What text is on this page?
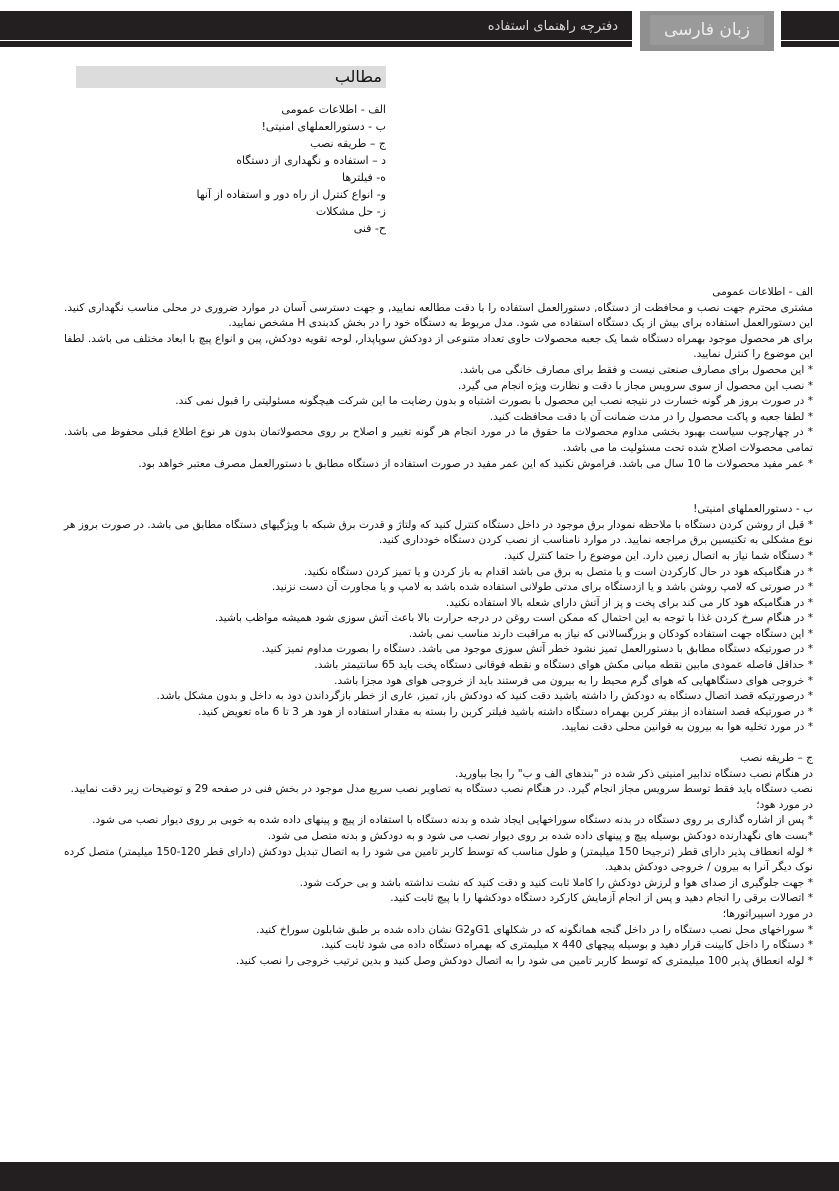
دفترچه راهنمای استفاده	زبان فارسی
مطالب
الف - اطلاعات عمومی
ب - دستورالعملهای امنیتی!
ج – طریقه نصب
د – استفاده و نگهداری از دستگاه
ه- فیلترها
و- انواع کنترل از راه دور و استفاده از آنها
ز- حل مشکلات
ح- فنی

الف - اطلاعات عمومی

مشتری محترم جهت نصب و محافظت از دستگاه, دستورالعمل استفاده را با دقت مطالعه نمایید, و جهت دسترسی آسان در موارد ضروری در محلی مناسب نگهداری کنید. این دستورالعمل استفاده برای بیش از یک دستگاه استفاده می شود. مدل مربوط به دستگاه خود را در بخش کدبندی H مشخص نمایید.

برای هر محصول موجود بهمراه دستگاه شما یک جعبه محصولات حاوی تعداد متنوعی از دودکش سوپاپدار, لوحه تقویه دودکش, پین و انواع پیچ با ابعاد مختلف می باشد. لطفا این موضوع را کنترل نمایید.

* این محصول برای مصارف صنعتی نیست و فقط برای مصارف خانگی می باشد.

* نصب این محصول از سوی سرویس مجاز با دقت و نظارت ویژه انجام می گیرد.

* در صورت بروز هر گونه خسارت در نتیجه نصب این محصول با بصورت اشتباه و بدون رضایت ما این شرکت هیچگونه مسئولیتی را قبول نمی کند.

* لطفا جعبه و پاکت محصول را در مدت ضمانت آن با دقت محافظت کنید.

* در چهارچوب سیاست بهبود بخشی مداوم محصولات ما حقوق ما در مورد انجام هر گونه تغییر و اصلاح بر روی محصولاتمان بدون هر نوع اطلاع قبلی محفوظ می باشد. تمامی محصولات اصلاح شده تحت مسئولیت ما می باشد.

* عمر مفید محصولات ما 10 سال می باشد. فراموش نکنید که این عمر مفید در صورت استفاده از دستگاه مطابق با دستورالعمل مصرف معتبر خواهد بود.

ب - دستورالعملهای امنیتی!

* قبل از روشن کردن دستگاه با ملاحظه نمودار برق موجود در داخل دستگاه کنترل کنید که ولتاژ و قدرت برق شبکه با ویژگیهای دستگاه مطابق می باشد. در صورت بروز هر نوع مشکلی به تکنیسین برق مراجعه نمایید. در موارد نامناسب از نصب کردن دستگاه خودداری کنید.

* دستگاه شما نیاز به اتصال زمین دارد. این موضوع را حتما کنترل کنید.

* در هنگامیکه هود در حال کارکردن است و یا متصل به برق می باشد اقدام به باز کردن و یا تمیز کردن دستگاه نکنید.

* در صورتی که لامپ روشن باشد و یا ازدستگاه برای مدتی طولانی استفاده شده باشد به لامپ و یا مجاورت آن دست نزنید.

* در هنگامیکه هود کار می کند برای پخت و پز از آتش دارای شعله بالا استفاده نکنید.

* در هنگام سرخ کردن غذا با توجه به این احتمال که ممکن است روغن در درجه حرارت بالا باعث آتش سوزی شود همیشه مواظب باشید.

* این دستگاه جهت استفاده کودکان و بزرگسالانی که نیاز به مراقبت دارند مناسب نمی باشد.

* در صورتیکه دستگاه مطابق با دستورالعمل تمیز نشود خطر آتش سوزی موجود می باشد. دستگاه را بصورت مداوم تمیز کنید.

* حداقل فاصله عمودی مابین نقطه میانی مکش هوای دستگاه و نقطه فوقانی دستگاه پخت باید 65 سانتیمتر باشد.

* خروجی هوای دستگاههایی که هوای گرم محیط را به بیرون می فرستند باید از خروجی هوای هود مجزا باشد.

* درصورتیکه قصد اتصال دستگاه به دودکش را داشته باشید دقت کنید که دودکش باز, تمیز, عاری از خطر بازگرداندن دود به داخل و بدون مشکل باشد.

* در صورتیکه قصد استفاده از بیفتر کربن بهمراه دستگاه داشته باشید فیلتر کربن را بسته به مقدار استفاده از هود هر 3 تا 6 ماه تعویض کنید.

* در مورد تخلیه هوا به بیرون به قوانین محلی دقت نمایید.

ج – طریقه نصب

در هنگام نصب دستگاه تدابیر امنیتی ذکر شده در "بندهای الف و ب" را بجا بیاورید.

نصب دستگاه باید فقط توسط سرویس مجاز انجام گیرد. در هنگام نصب دستگاه به تصاویر نصب سریع مدل موجود در بخش فنی در صفحه 29 و توضیحات زیر دقت نمایید.

در مورد هود؛

* پس از اشاره گذاری بر روی دستگاه در بدنه دستگاه سوراخهایی ایجاد شده و بدنه دستگاه با استفاده از پیچ و پینهای داده شده به خوبی بر روی دیوار نصب می شود.

*بست های نگهدارنده دودکش بوسیله پیچ و پینهای داده شده بر روی دیوار نصب می شود و به دودکش و بدنه متصل می شود.

* لوله انعطاف پذیر دارای قطر (ترجیحا 150 میلیمتر) و طول مناسب که توسط کاربر تامین می شود را به اتصال تبدیل دودکش (دارای قطر 120-150 میلیمتر) متصل کرده نوک دیگر آنرا به بیرون / خروجی دودکش بدهید.

* جهت جلوگیری از صدای هوا و لرزش دودکش را کاملا ثابت کنید و دقت کنید که نشت نداشته باشد و بی حرکت شود.

* اتصالات برقی را انجام دهید و پس از انجام آزمایش کارکرد دستگاه دودکشها را با پیچ ثابت کنید.

در مورد اسپیراتورها؛

* سوراخهای محل نصب دستگاه را در داخل گنجه همانگونه که در شکلهای G1وG2 نشان داده شده بر طبق شابلون سوراخ کنید.

* دستگاه را داخل کابینت قرار دهید و بوسیله پیچهای 440 x میلیمتری که بهمراه دستگاه داده می شود ثابت کنید.

* لوله انعطاق پذیر 100 میلیمتری که توسط کاربر تامین می شود را به اتصال دودکش وصل کنید و بدین ترتیب خروجی را نصب کنید.
